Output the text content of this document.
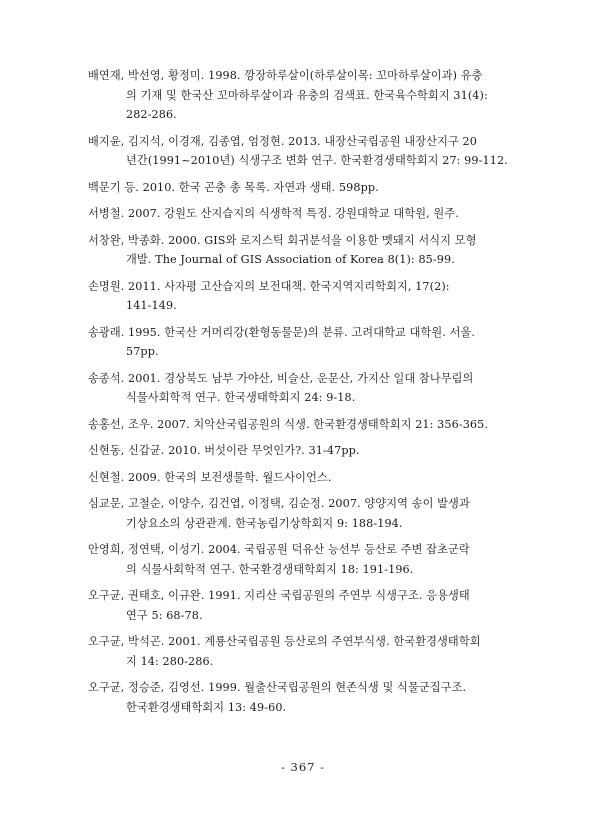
배연재, 박선영, 황정미. 1998. 깡장하루살이(하루살이목: 꼬마하루살이과) 유충
의 기재 및 한국산 꼬마하루살이과 유충의 검색표. 한국육수학회지 31(4):
282-286.
배지윤, 김지석, 이경재, 김종엽, 엄정현. 2013. 내장산국립공원 내장산지구 20
년간(1991~2010년) 식생구조 변화 연구. 한국환경생태학회지 27: 99-112.
백문기 등. 2010. 한국 곤충 총 목록. 자연과 생태. 598pp.
서병철. 2007. 강원도 산지습지의 식생학적 특징. 강원대학교 대학원, 원주.
서창완, 박종화. 2000. GIS와 로지스틱 회귀분석을 이용한 멧돼지 서식지 모형
개발. The Journal of GIS Association of Korea 8(1): 85-99.
손명원. 2011. 사자평 고산습지의 보전대책. 한국지역지리학회지, 17(2):
141-149.
송광래. 1995. 한국산 거머리강(환형동물문)의 분류. 고려대학교 대학원. 서울.
57pp.
송종석. 2001. 경상북도 남부 가야산, 비슬산, 운문산, 가지산 일대 참나무림의
식물사회학적 연구. 한국생태학회지 24: 9-18.
송홍선, 조우. 2007. 치악산국립공원의 식생. 한국환경생태학회지 21: 356-365.
신현동, 신갑균. 2010. 버섯이란 무엇인가?. 31-47pp.
신현철. 2009. 한국의 보전생물학. 월드사이언스.
심교문, 고철순, 이양수, 김건엽, 이정택, 김순정. 2007. 양양지역 송이 발생과
기상요소의 상관관계. 한국농림기상학회지 9: 188-194.
안영희, 정연택, 이성기. 2004. 국립공원 덕유산 능선부 등산로 주변 잡초군락
의 식물사회학적 연구. 한국환경생태학회지 18: 191-196.
오구균, 권태호, 이규완. 1991. 지리산 국립공원의 주연부 식생구조. 응용생태
연구 5: 68-78.
오구균, 박석곤. 2001. 계룡산국립공원 등산로의 주연부식생. 한국환경생태학회
지 14: 280-286.
오구균, 정승준, 김영선. 1999. 월출산국립공원의 현존식생 및 식물군집구조.
한국환경생태학회지 13: 49-60.
- 367 -
